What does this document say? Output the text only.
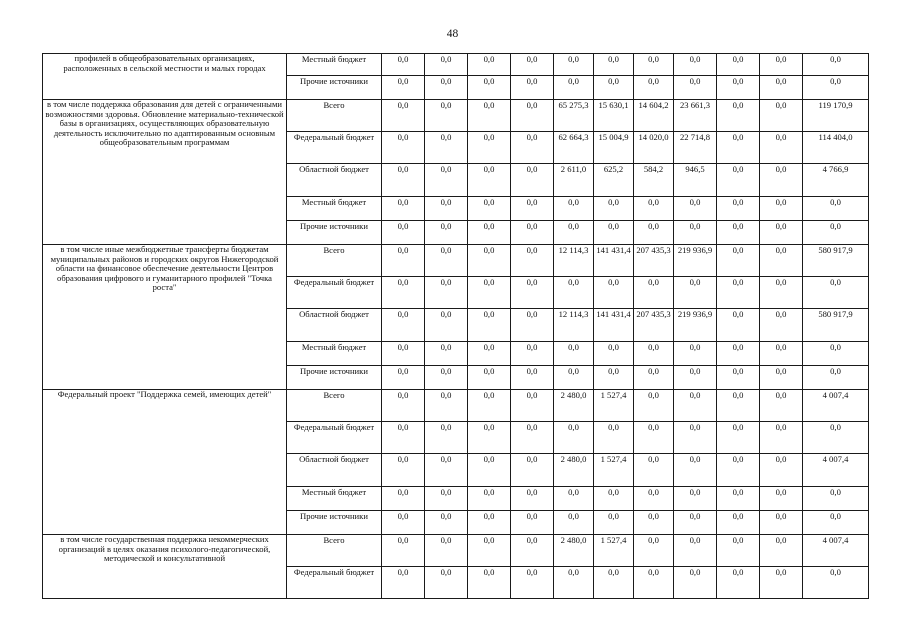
48
профилей в общеобразовательных организациях, расположенных в сельской местности и малых городах	Местный бюджет	0,0	0,0	0,0	0,0	0,0	0,0	0,0	0,0	0,0	0,0	0,0
	Прочие источники	0,0	0,0	0,0	0,0	0,0	0,0	0,0	0,0	0,0	0,0	0,0
в том числе поддержка образования для детей с ограниченными возможностями здоровья. Обновление материально-технической базы в организациях, осуществляющих образовательную деятельность исключительно по адаптированным основным общеобразовательным программам	Всего	0,0	0,0	0,0	0,0	65 275,3	15 630,1	14 604,2	23 661,3	0,0	0,0	119 170,9
	Федеральный бюджет	0,0	0,0	0,0	0,0	62 664,3	15 004,9	14 020,0	22 714,8	0,0	0,0	114 404,0
	Областной бюджет	0,0	0,0	0,0	0,0	2 611,0	625,2	584,2	946,5	0,0	0,0	4 766,9
	Местный бюджет	0,0	0,0	0,0	0,0	0,0	0,0	0,0	0,0	0,0	0,0	0,0
	Прочие источники	0,0	0,0	0,0	0,0	0,0	0,0	0,0	0,0	0,0	0,0	0,0
в том числе иные межбюджетные трансферты бюджетам муниципальных районов и городских округов Нижегородской области на финансовое обеспечение деятельности Центров образования цифрового и гуманитарного профилей "Точка роста"	Всего	0,0	0,0	0,0	0,0	12 114,3	141 431,4	207 435,3	219 936,9	0,0	0,0	580 917,9
	Федеральный бюджет	0,0	0,0	0,0	0,0	0,0	0,0	0,0	0,0	0,0	0,0	0,0
	Областной бюджет	0,0	0,0	0,0	0,0	12 114,3	141 431,4	207 435,3	219 936,9	0,0	0,0	580 917,9
	Местный бюджет	0,0	0,0	0,0	0,0	0,0	0,0	0,0	0,0	0,0	0,0	0,0
	Прочие источники	0,0	0,0	0,0	0,0	0,0	0,0	0,0	0,0	0,0	0,0	0,0
Федеральный проект "Поддержка семей, имеющих детей"	Всего	0,0	0,0	0,0	0,0	2 480,0	1 527,4	0,0	0,0	0,0	0,0	4 007,4
	Федеральный бюджет	0,0	0,0	0,0	0,0	0,0	0,0	0,0	0,0	0,0	0,0	0,0
	Областной бюджет	0,0	0,0	0,0	0,0	2 480,0	1 527,4	0,0	0,0	0,0	0,0	4 007,4
	Местный бюджет	0,0	0,0	0,0	0,0	0,0	0,0	0,0	0,0	0,0	0,0	0,0
	Прочие источники	0,0	0,0	0,0	0,0	0,0	0,0	0,0	0,0	0,0	0,0	0,0
в том числе государственная поддержка некоммерческих организаций в целях оказания психолого-педагогической, методической и консультативной	Всего	0,0	0,0	0,0	0,0	2 480,0	1 527,4	0,0	0,0	0,0	0,0	4 007,4
	Федеральный бюджет	0,0	0,0	0,0	0,0	0,0	0,0	0,0	0,0	0,0	0,0	0,0
